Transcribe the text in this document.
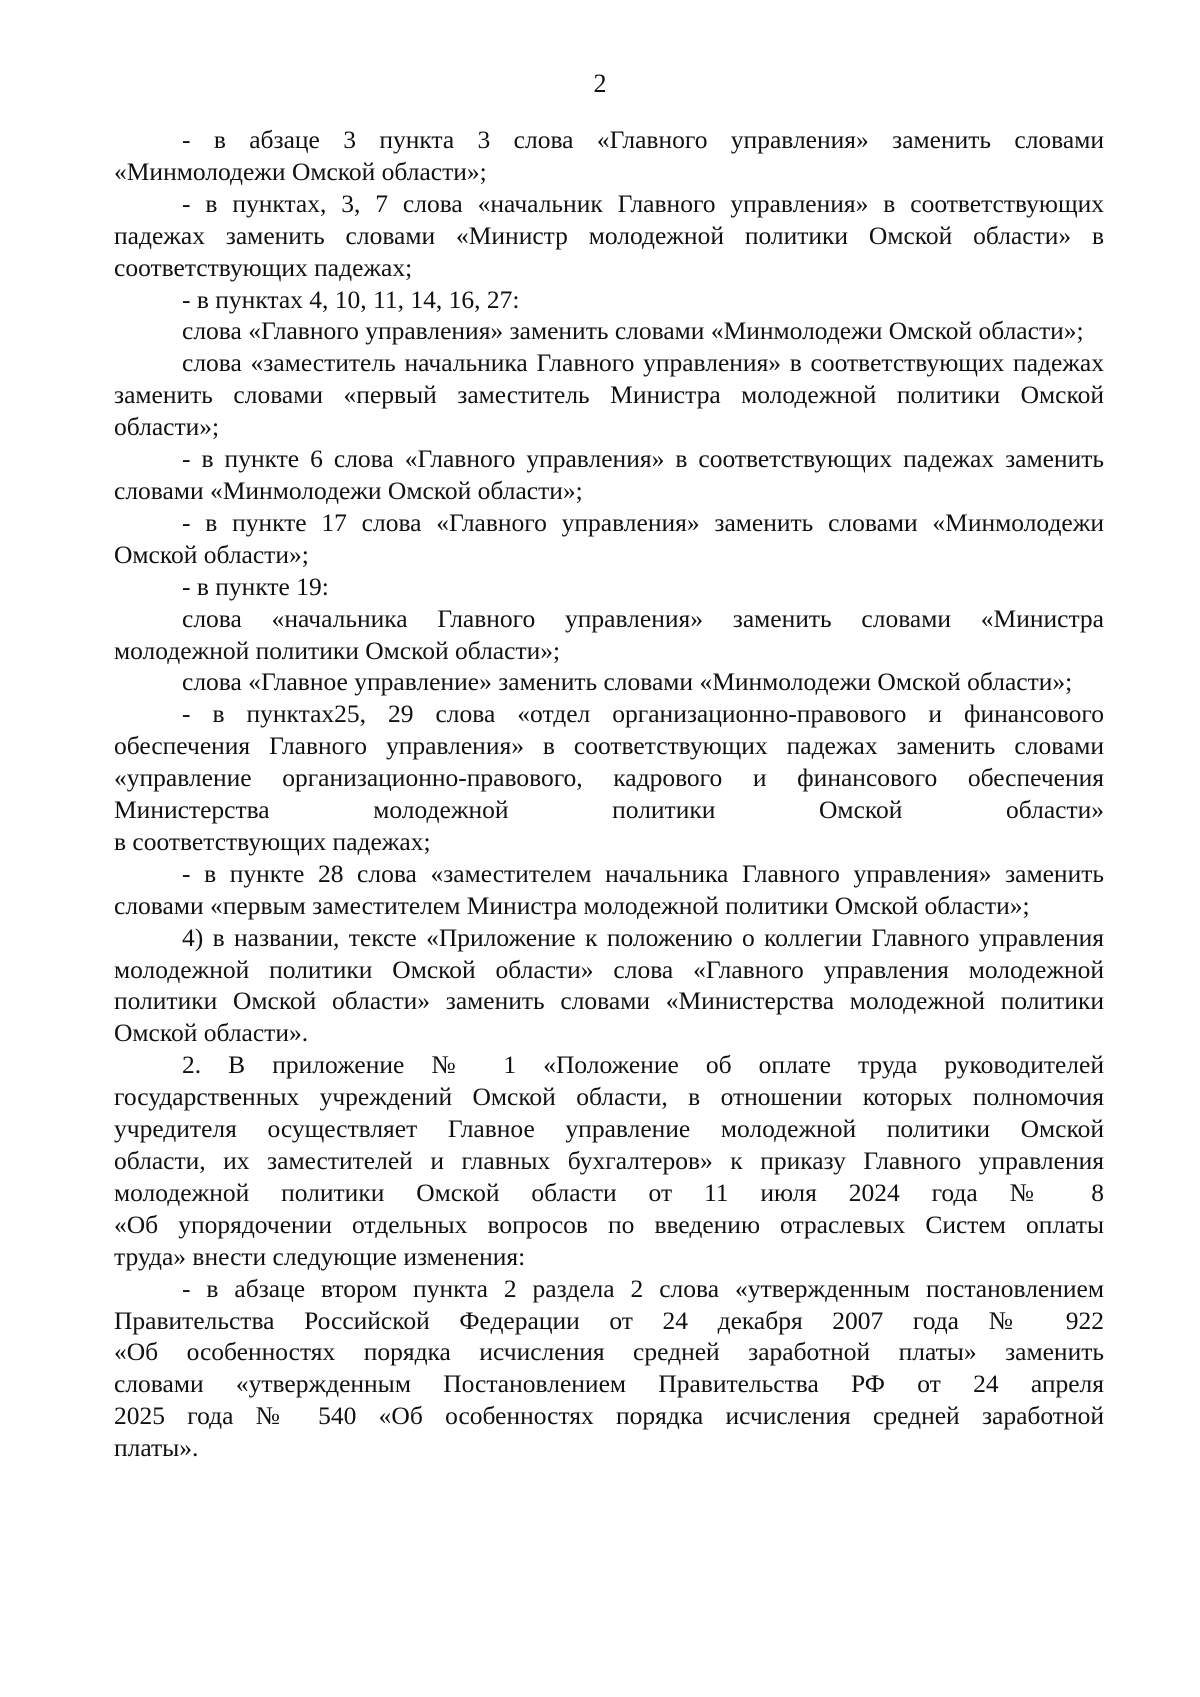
2

- в абзаце 3 пункта 3 слова «Главного управления» заменить словами «Минмолодежи Омской области»;

- в пунктах, 3, 7 слова «начальник Главного управления» в соответствующих падежах заменить словами «Министр молодежной политики Омской области» в соответствующих падежах;

- в пунктах 4, 10, 11, 14, 16, 27:

слова «Главного управления» заменить словами «Минмолодежи Омской области»;

слова «заместитель начальника Главного управления» в соответствующих падежах заменить словами «первый заместитель Министра молодежной политики Омской области»;

- в пункте 6 слова «Главного управления» в соответствующих падежах заменить словами «Минмолодежи Омской области»;

- в пункте 17 слова «Главного управления» заменить словами «Минмолодежи Омской области»;

- в пункте 19:

слова «начальника Главного управления» заменить словами «Министра молодежной политики Омской области»;

слова «Главное управление» заменить словами «Минмолодежи Омской области»;

- в пунктах25, 29 слова «отдел организационно-правового и финансового
обеспечения Главного управления» в соответствующих падежах заменить словами
«управление организационно-правового, кадрового и финансового обеспечения
Министерства молодежной политики Омской области»
в соответствующих падежах;

- в пункте 28 слова «заместителем начальника Главного управления» заменить словами «первым заместителем Министра молодежной политики Омской области»;

4) в названии, тексте «Приложение к положению о коллегии Главного управления молодежной политики Омской области» слова «Главного управления молодежной политики Омской области» заменить словами «Министерства молодежной политики Омской области».

2. В приложение № 1 «Положение об оплате труда руководителей
государственных учреждений Омской области, в отношении которых полномочия
учредителя осуществляет Главное управление молодежной политики Омской
области, их заместителей и главных бухгалтеров» к приказу Главного управления
молодежной политики Омской области от 11 июля 2024 года № 8
«Об упорядочении отдельных вопросов по введению отраслевых Систем оплаты
труда» внести следующие изменения:
- в абзаце втором пункта 2 раздела 2 слова «утвержденным постановлением
Правительства Российской Федерации от 24 декабря 2007 года № 922
«Об особенностях порядка исчисления средней заработной платы» заменить
словами «утвержденным Постановлением Правительства РФ от 24 апреля
2025 года № 540 «Об особенностях порядка исчисления средней заработной
платы».
